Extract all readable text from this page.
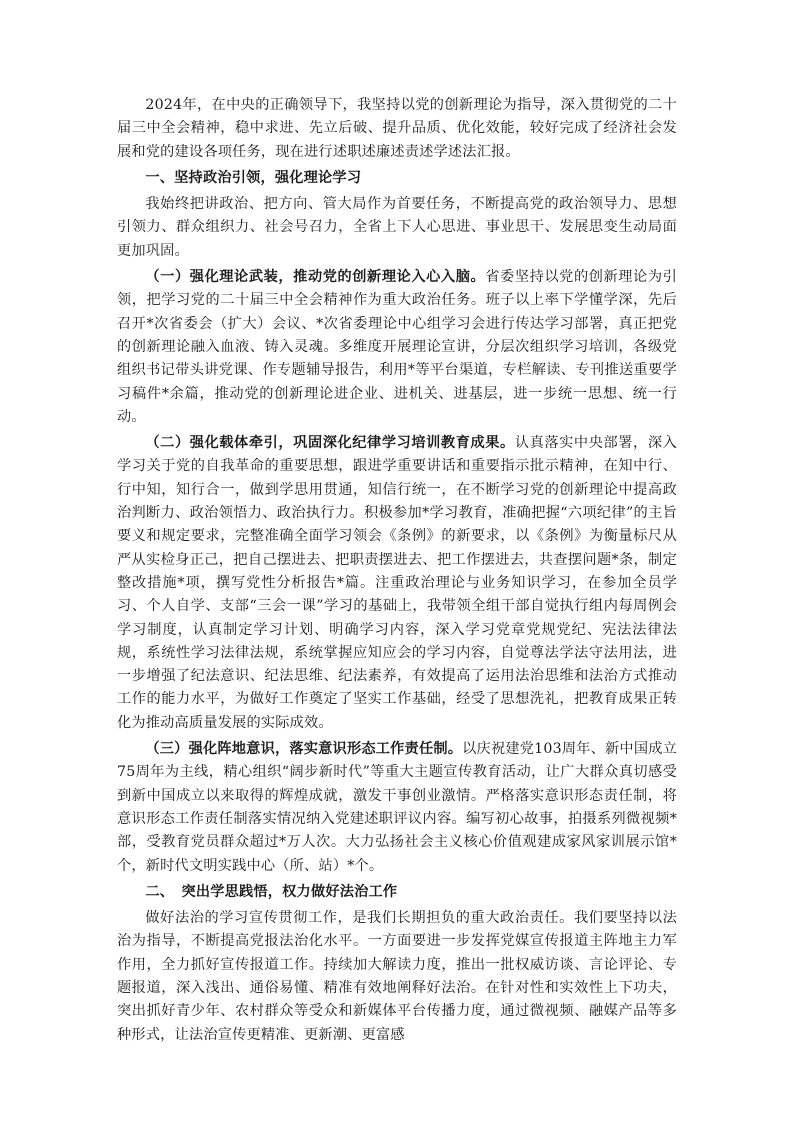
2024年，在中央的正确领导下，我坚持以党的创新理论为指导，深入贯彻党的二十届三中全会精神，稳中求进、先立后破、提升品质、优化效能，较好完成了经济社会发展和党的建设各项任务，现在进行述职述廉述责述学述法汇报。

一、坚持政治引领，强化理论学习

我始终把讲政治、把方向、管大局作为首要任务，不断提高党的政治领导力、思想引领力、群众组织力、社会号召力，全省上下人心思进、事业思干、发展思变生动局面更加巩固。

（一）强化理论武装，推动党的创新理论入心入脑。省委坚持以党的创新理论为引领，把学习党的二十届三中全会精神作为重大政治任务。班子以上率下学懂学深，先后召开*次省委会（扩大）会议、*次省委理论中心组学习会进行传达学习部署，真正把党的创新理论融入血液、铸入灵魂。多维度开展理论宣讲，分层次组织学习培训，各级党组织书记带头讲党课、作专题辅导报告，利用*等平台渠道，专栏解读、专刊推送重要学习稿件*余篇，推动党的创新理论进企业、进机关、进基层，进一步统一思想、统一行动。

（二）强化载体牵引，巩固深化纪律学习培训教育成果。认真落实中央部署，深入学习关于党的自我革命的重要思想，跟进学重要讲话和重要指示批示精神，在知中行、行中知，知行合一，做到学思用贯通，知信行统一，在不断学习党的创新理论中提高政治判断力、政治领悟力、政治执行力。积极参加*学习教育，准确把握“六项纪律”的主旨要义和规定要求，完整准确全面学习领会《条例》的新要求，以《条例》为衡量标尺从严从实检身正己，把自己摆进去、把职责摆进去、把工作摆进去，共查摆问题*条，制定整改措施*项，撰写党性分析报告*篇。注重政治理论与业务知识学习，在参加全员学习、个人自学、支部“三会一课”学习的基础上，我带领全组干部自觉执行组内每周例会学习制度，认真制定学习计划、明确学习内容，深入学习党章党规党纪、宪法法律法规，系统性学习法律法规，系统掌握应知应会的学习内容，自觉尊法学法守法用法，进一步增强了纪法意识、纪法思维、纪法素养，有效提高了运用法治思维和法治方式推动工作的能力水平，为做好工作奠定了坚实工作基础，经受了思想洗礼，把教育成果正转化为推动高质量发展的实际成效。

（三）强化阵地意识，落实意识形态工作责任制。以庆祝建党103周年、新中国成立75周年为主线，精心组织“阔步新时代”等重大主题宣传教育活动，让广大群众真切感受到新中国成立以来取得的辉煌成就，激发干事创业激情。严格落实意识形态责任制，将意识形态工作责任制落实情况纳入党建述职评议内容。编写初心故事，拍摄系列微视频*部，受教育党员群众超过*万人次。大力弘扬社会主义核心价值观建成家风家训展示馆*个，新时代文明实践中心（所、站）*个。

二、　突出学思践悟，权力做好法治工作

做好法治的学习宣传贯彻工作，是我们长期担负的重大政治责任。我们要坚持以法治为指导，不断提高党报法治化水平。一方面要进一步发挥党媒宣传报道主阵地主力军作用，全力抓好宣传报道工作。持续加大解读力度，推出一批权威访谈、言论评论、专题报道，深入浅出、通俗易懂、精准有效地阐释好法治。在针对性和实效性上下功夫，突出抓好青少年、农村群众等受众和新媒体平台传播力度，通过微视频、融媒产品等多种形式，让法治宣传更精准、更新潮、更富感
